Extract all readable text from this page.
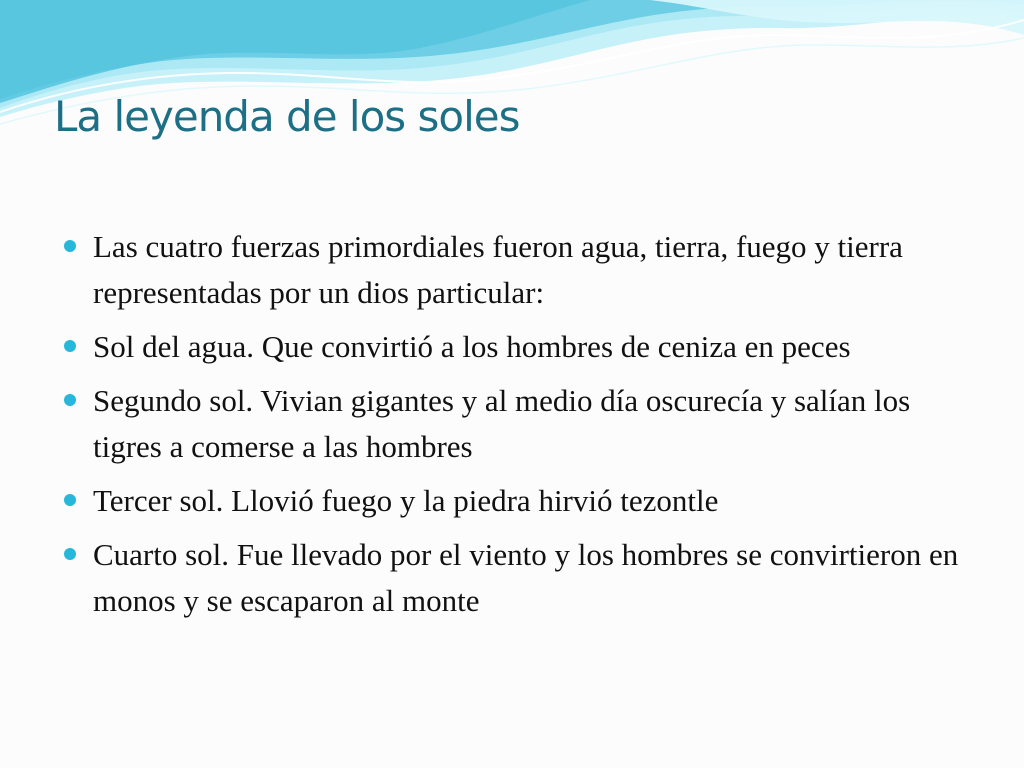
La leyenda de los soles
Las cuatro fuerzas primordiales fueron agua, tierra, fuego y tierra representadas por un dios particular:
Sol del agua. Que convirtió a los hombres de ceniza en peces
Segundo sol. Vivian gigantes y al medio día oscurecía y salían los tigres a comerse a las hombres
Tercer sol. Llovió fuego y la piedra hirvió tezontle
Cuarto sol. Fue llevado por el viento y los hombres se convirtieron en monos y se escaparon al monte
